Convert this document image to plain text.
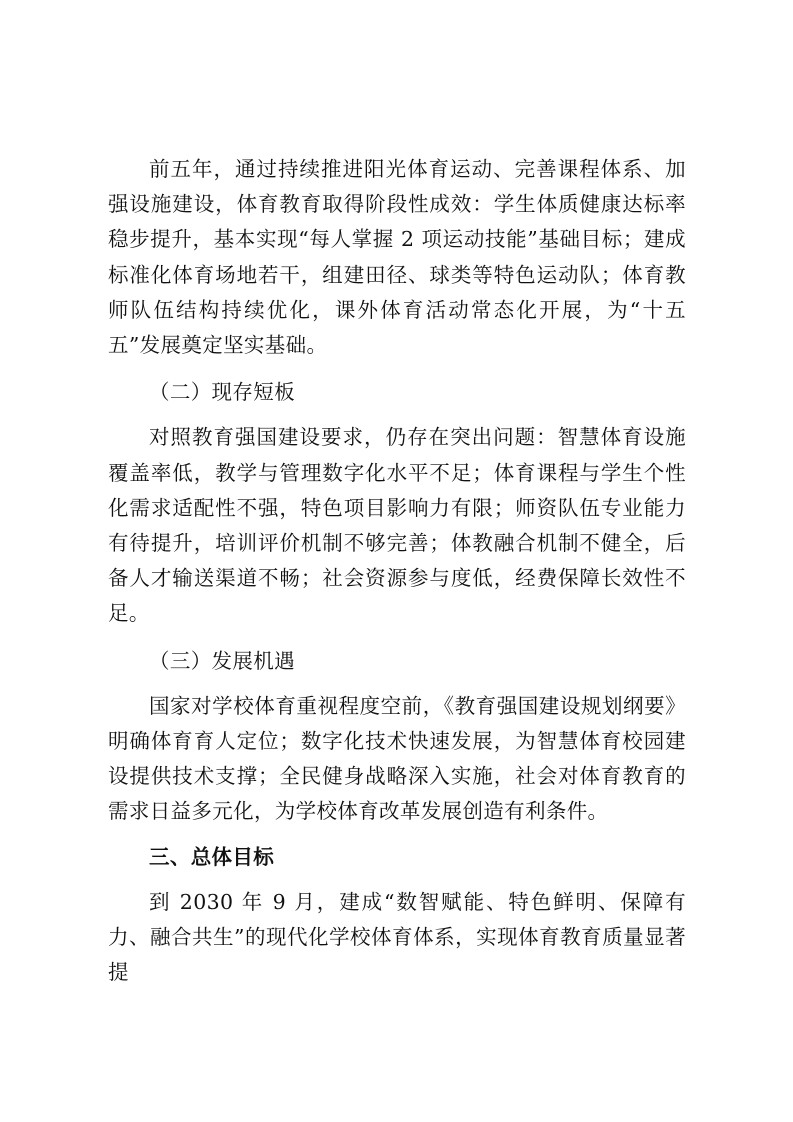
前五年，通过持续推进阳光体育运动、完善课程体系、加强设施建设，体育教育取得阶段性成效：学生体质健康达标率稳步提升，基本实现“每人掌握 2 项运动技能”基础目标；建成标准化体育场地若干，组建田径、球类等特色运动队；体育教师队伍结构持续优化，课外体育活动常态化开展，为“十五五”发展奠定坚实基础。

（二）现存短板

对照教育强国建设要求，仍存在突出问题：智慧体育设施覆盖率低，教学与管理数字化水平不足；体育课程与学生个性化需求适配性不强，特色项目影响力有限；师资队伍专业能力有待提升，培训评价机制不够完善；体教融合机制不健全，后备人才输送渠道不畅；社会资源参与度低，经费保障长效性不足。

（三）发展机遇

国家对学校体育重视程度空前，《教育强国建设规划纲要》明确体育育人定位；数字化技术快速发展，为智慧体育校园建设提供技术支撑；全民健身战略深入实施，社会对体育教育的需求日益多元化，为学校体育改革发展创造有利条件。

三、总体目标

到 2030 年 9 月，建成“数智赋能、特色鲜明、保障有力、融合共生”的现代化学校体育体系，实现体育教育质量显著提
